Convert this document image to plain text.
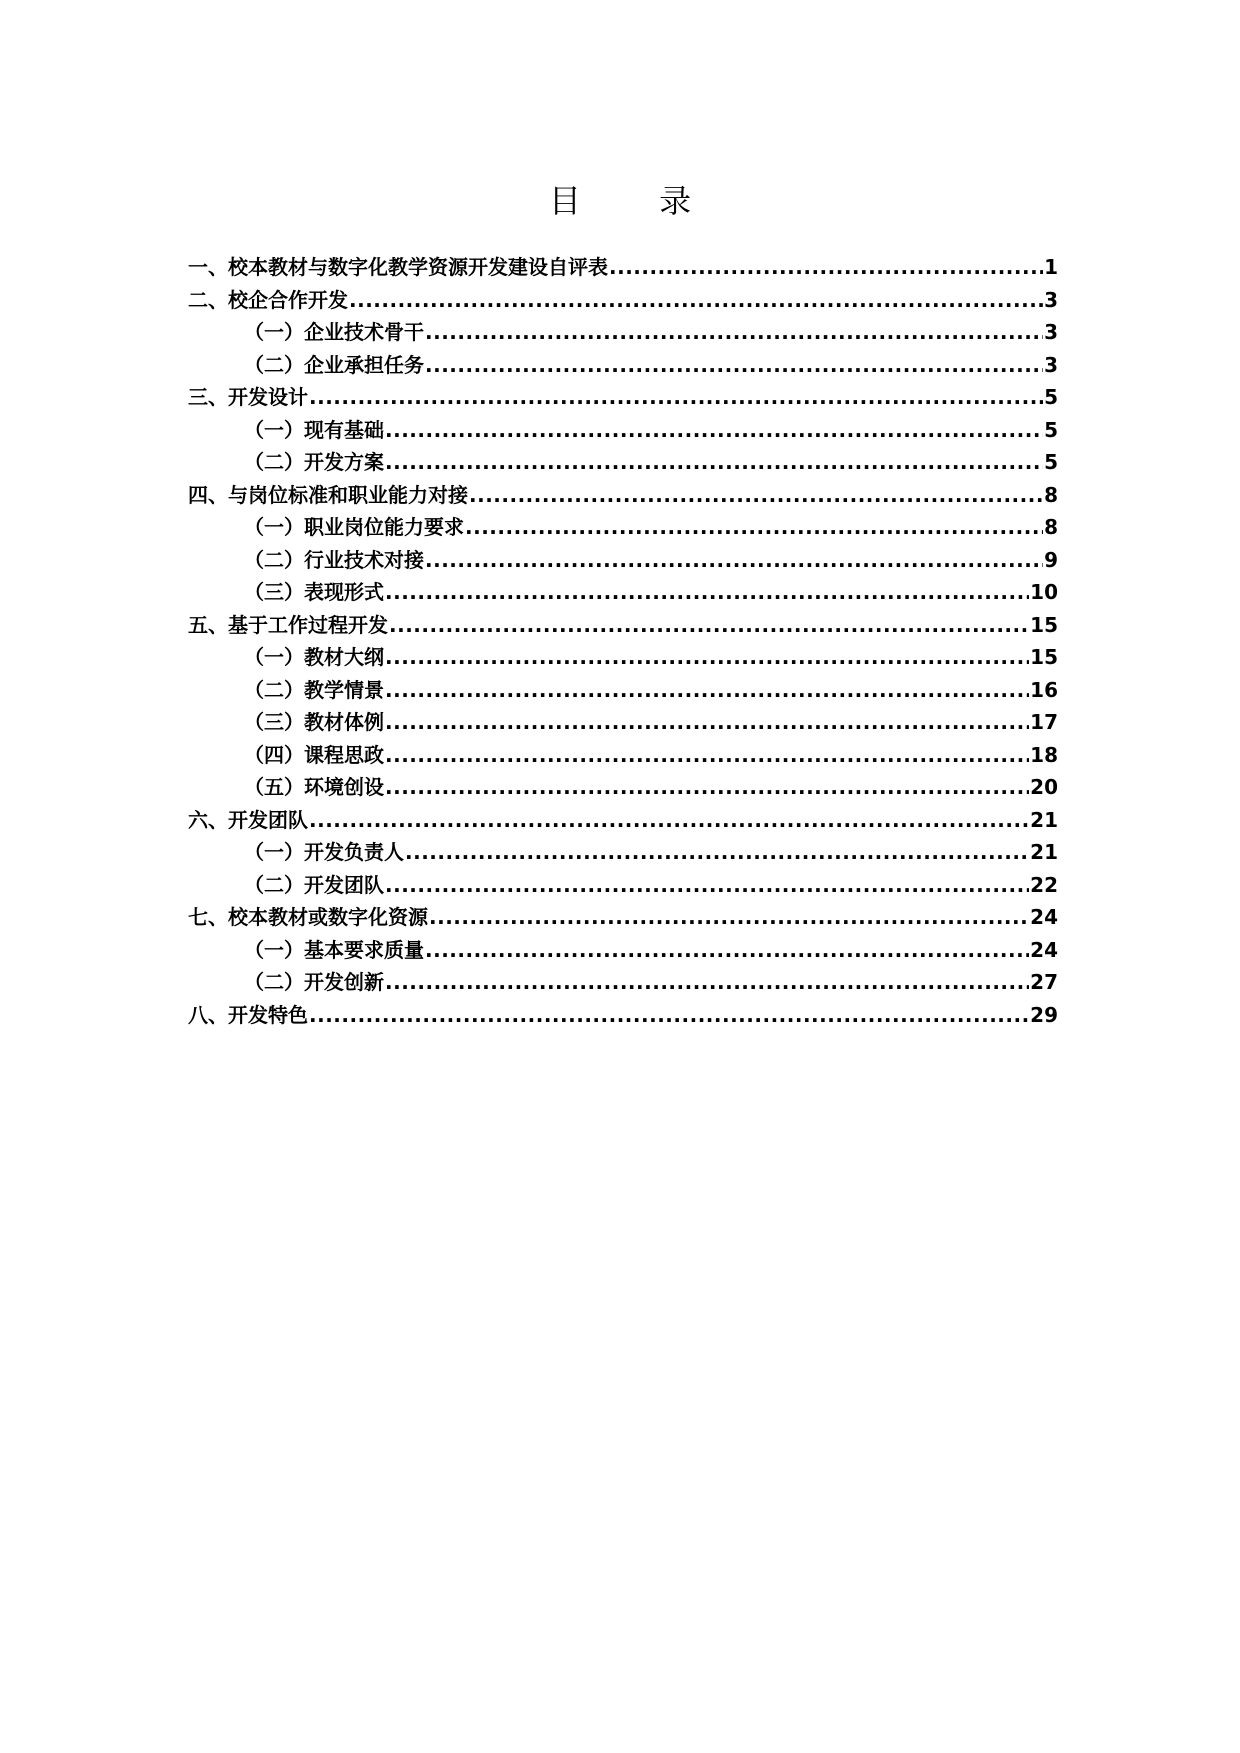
目 录
一、校本教材与数字化教学资源开发建设自评表 .....	1
二、校企合作开发 .....	3
（一）企业技术骨干 .....	3
（二）企业承担任务 .....	3
三、开发设计 .....	5
（一）现有基础 .....	5
（二）开发方案 .....	5
四、与岗位标准和职业能力对接 .....	8
（一）职业岗位能力要求 .....	8
（二）行业技术对接 .....	9
（三）表现形式 .....	10
五、基于工作过程开发 .....	15
（一）教材大纲 .....	15
（二）教学情景 .....	16
（三）教材体例 .....	17
（四）课程思政 .....	18
（五）环境创设 .....	20
六、开发团队 .....	21
（一）开发负责人 .....	21
（二）开发团队 .....	22
七、校本教材或数字化资源 .....	24
（一）基本要求质量 .....	24
（二）开发创新 .....	27
八、开发特色 .....	29
